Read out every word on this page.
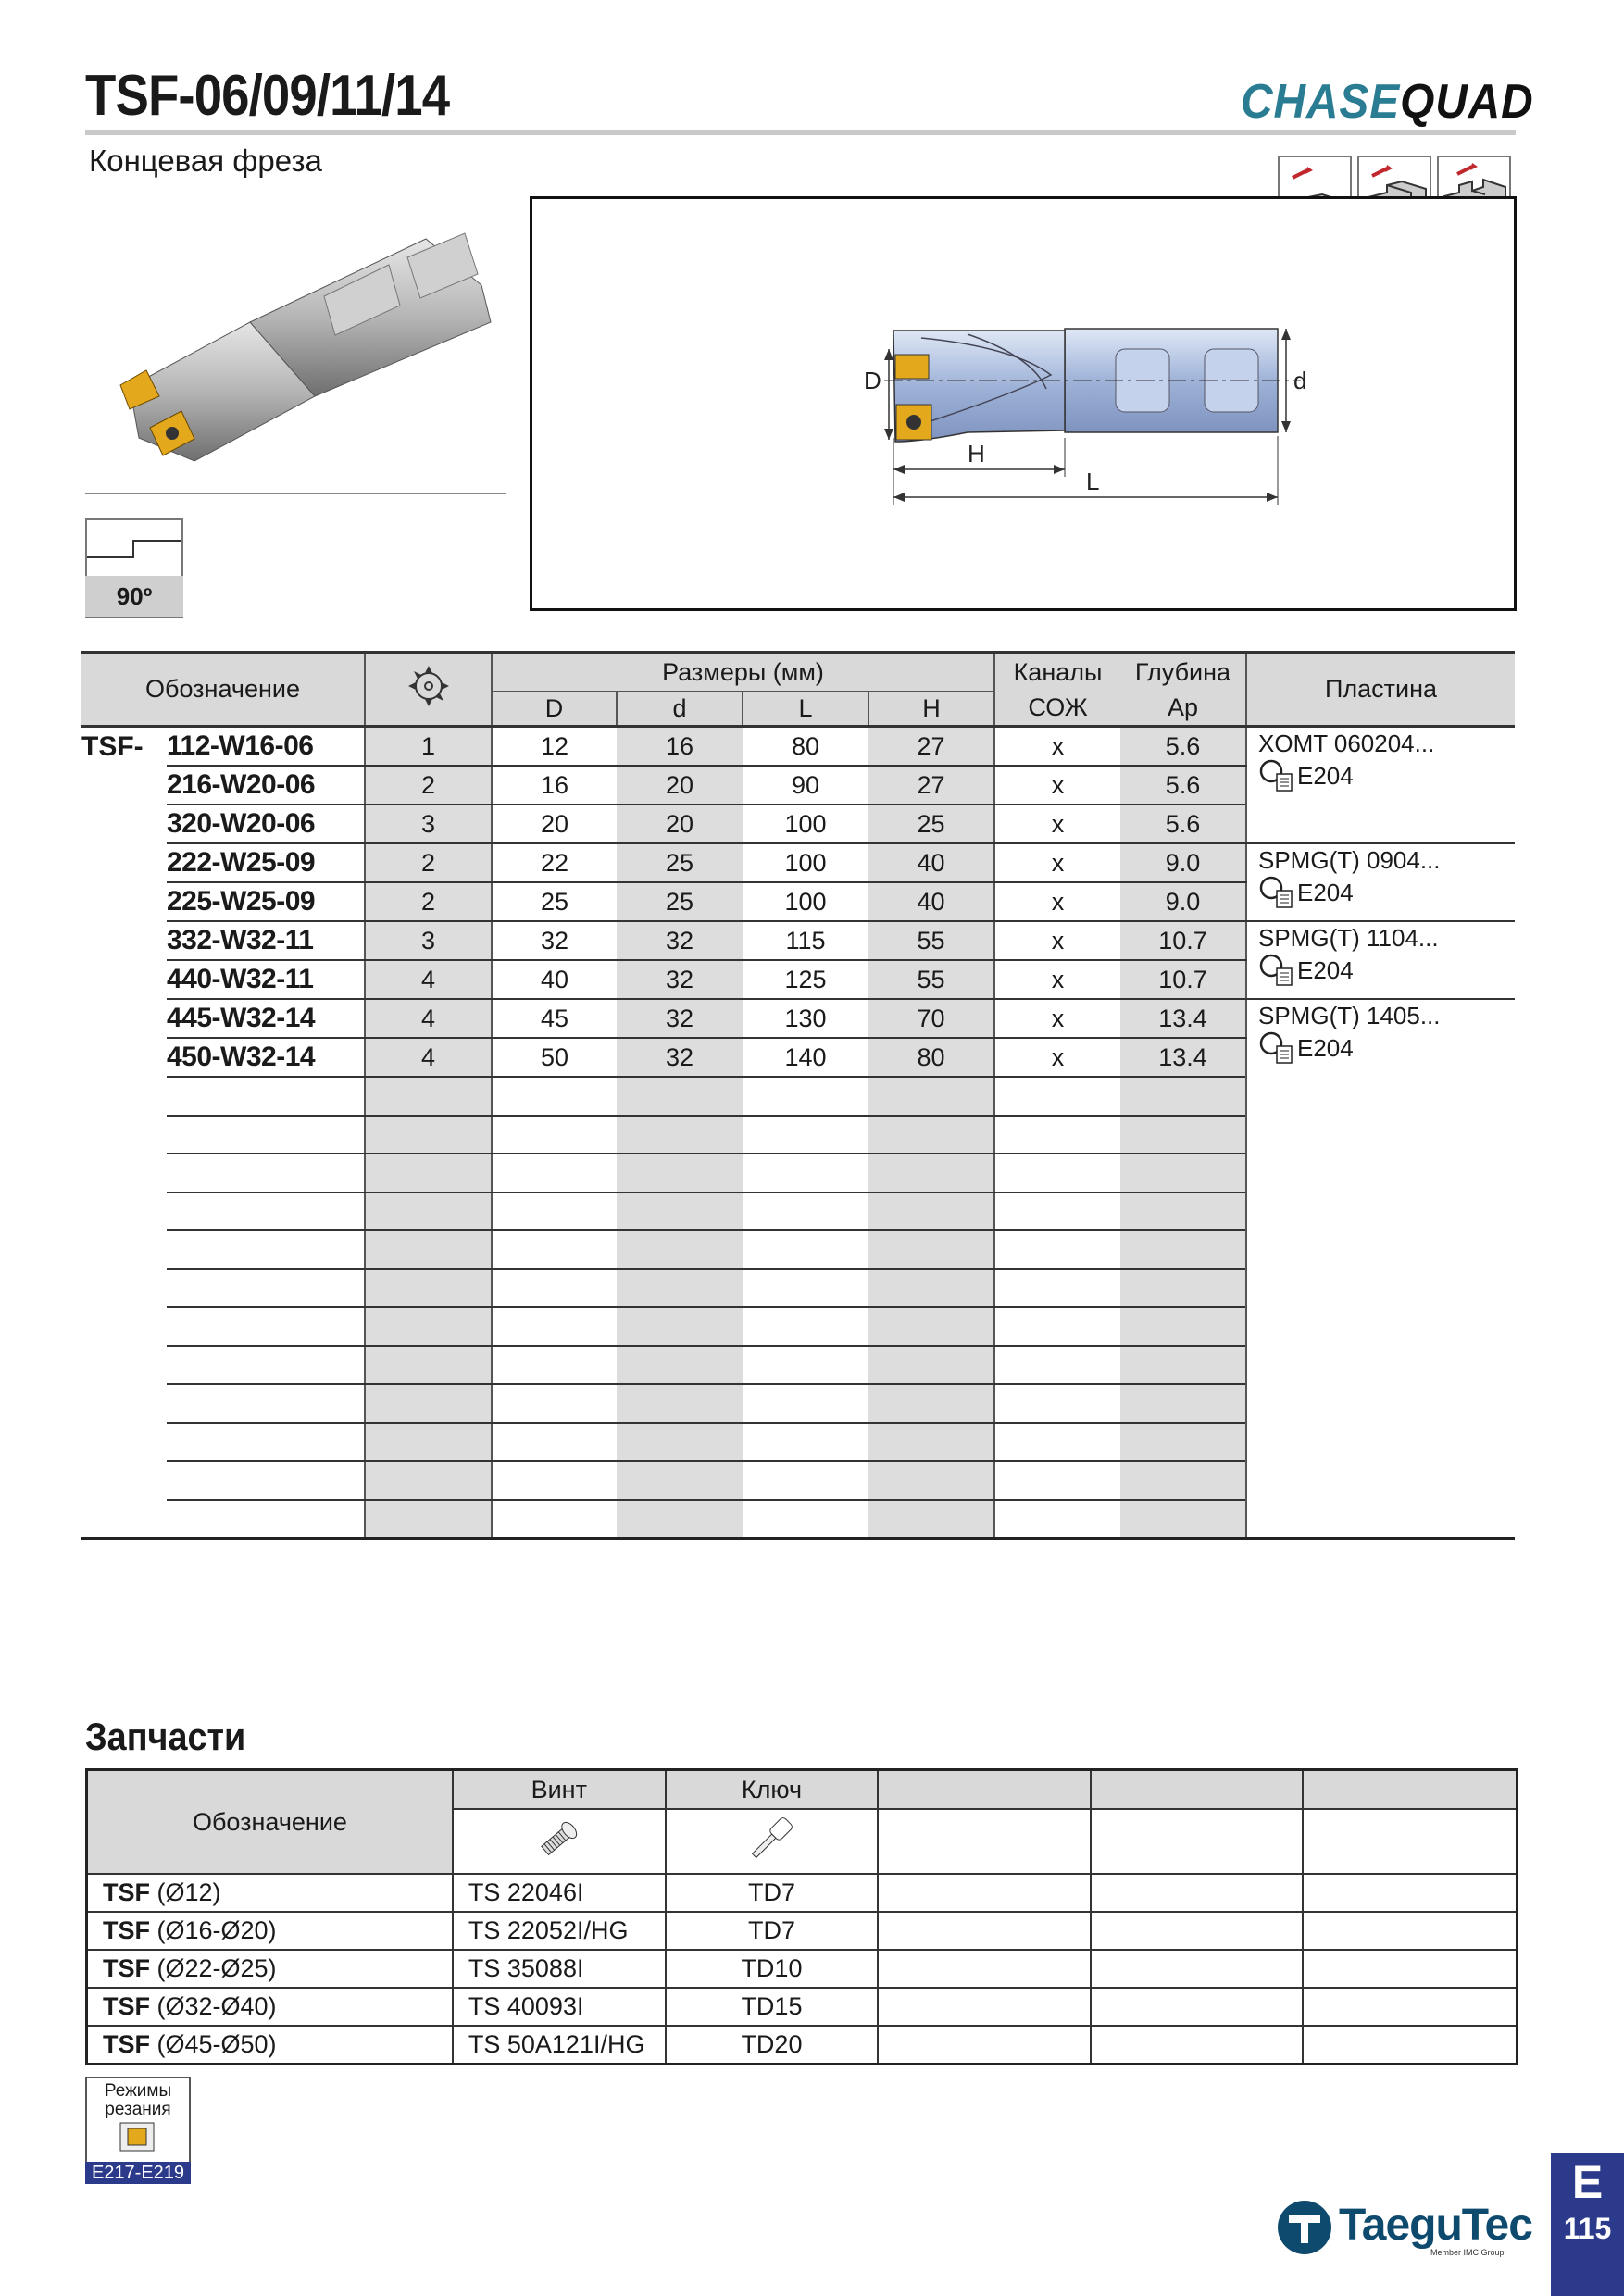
TSF-06/09/11/14
Концевая фреза
CHASEQUAD
90º
D	d
H
L
Обозначение			Размеры (мм)				Каналы	Глубина	Пластина
			D	d	L	H	СОЖ	Ap	
TSF-	112-W16-06	1	12	16	80	27	x	5.6	XOMT 060204...
E204

	216-W20-06	2	16	20	90	27	x	5.6	
	320-W20-06	3	20	20	100	25	x	5.6	
	222-W25-09	2	22	25	100	40	x	9.0	SPMG(T) 0904...
E204

	225-W25-09	2	25	25	100	40	x	9.0	
	332-W32-11	3	32	32	115	55	x	10.7	SPMG(T) 1104...
E204

	440-W32-11	4	40	32	125	55	x	10.7	
	445-W32-14	4	45	32	130	70	x	13.4	SPMG(T) 1405...
E204

	450-W32-14	4	50	32	140	80	x	13.4	

Запчасти
Обозначение	Винт	Ключ			

TSF (Ø12)	TS 22046I	TD7			
TSF (Ø16-Ø20)	TS 22052I/HG	TD7			
TSF (Ø22-Ø25)	TS 35088I	TD10			
TSF (Ø32-Ø40)	TS 40093I	TD15			
TSF (Ø45-Ø50)	TS 50A121I/HG	TD20			
Режимы
резания
E217-E219
TaeguTec
Member IMC Group
E
115
